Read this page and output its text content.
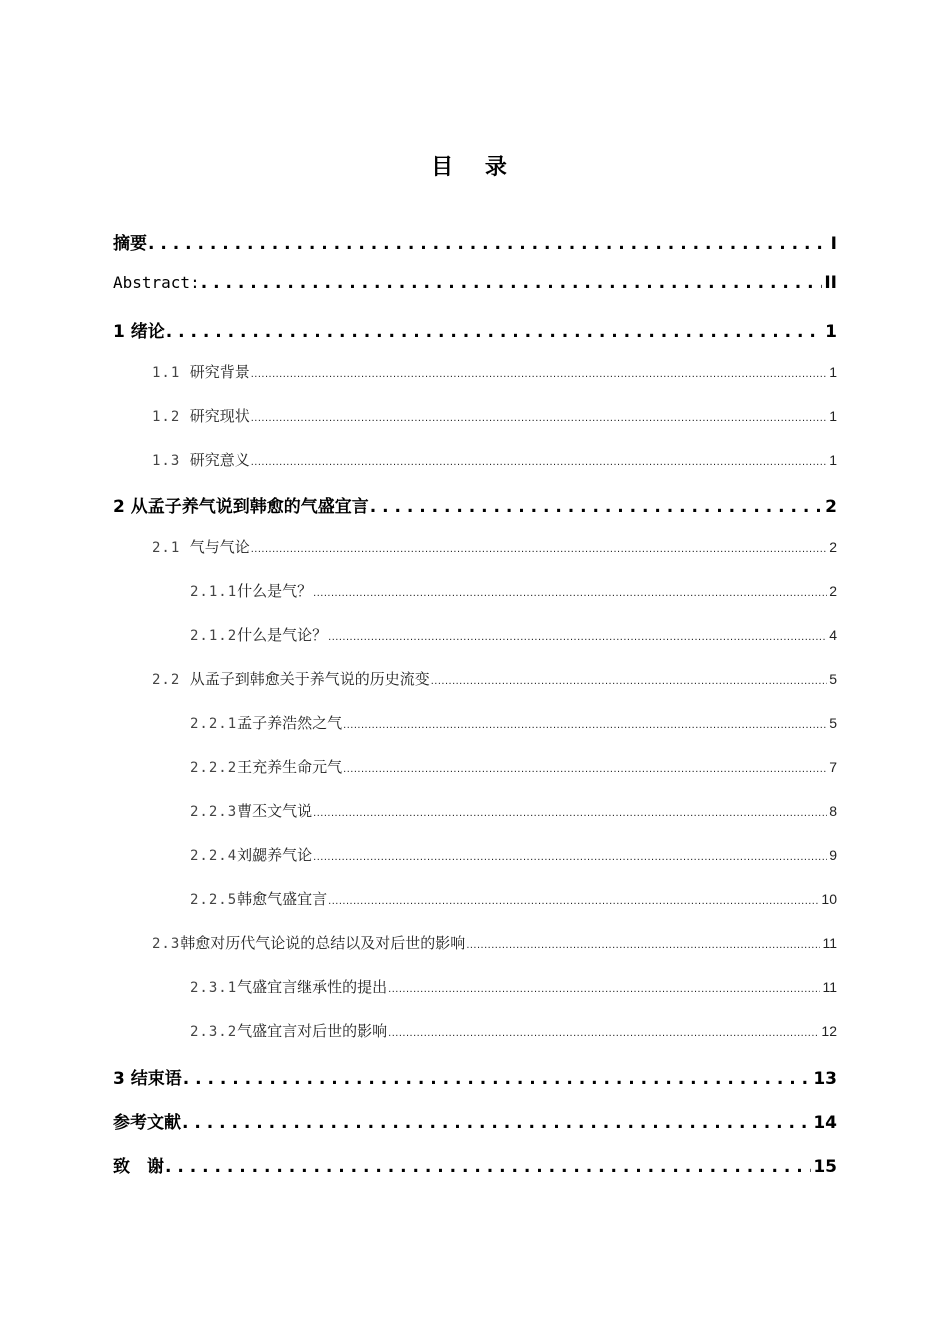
目 录
摘要 . . .	I
Abstract: . . .	II
1 绪论 . . .	1
1.1 研究背景 .....	1
1.2 研究现状 .....	1
1.3 研究意义 .....	1
2 从孟子养气说到韩愈的气盛宜言 . . .	2
2.1 气与气论 .....	2
2.1.1什么是气？ .....	2
2.1.2什么是气论？ .....	4
2.2 从孟子到韩愈关于养气说的历史流变 .....	5
2.2.1孟子养浩然之气 .....	5
2.2.2王充养生命元气 .....	7
2.2.3曹丕文气说 .....	8
2.2.4刘勰养气论 .....	9
2.2.5韩愈气盛宜言 .....	10
2.3韩愈对历代气论说的总结以及对后世的影响 .....	11
2.3.1气盛宜言继承性的提出 .....	11
2.3.2气盛宜言对后世的影响 .....	12
3 结束语 . . .	13
参考文献 . . .	14
致　谢 . . .	15
